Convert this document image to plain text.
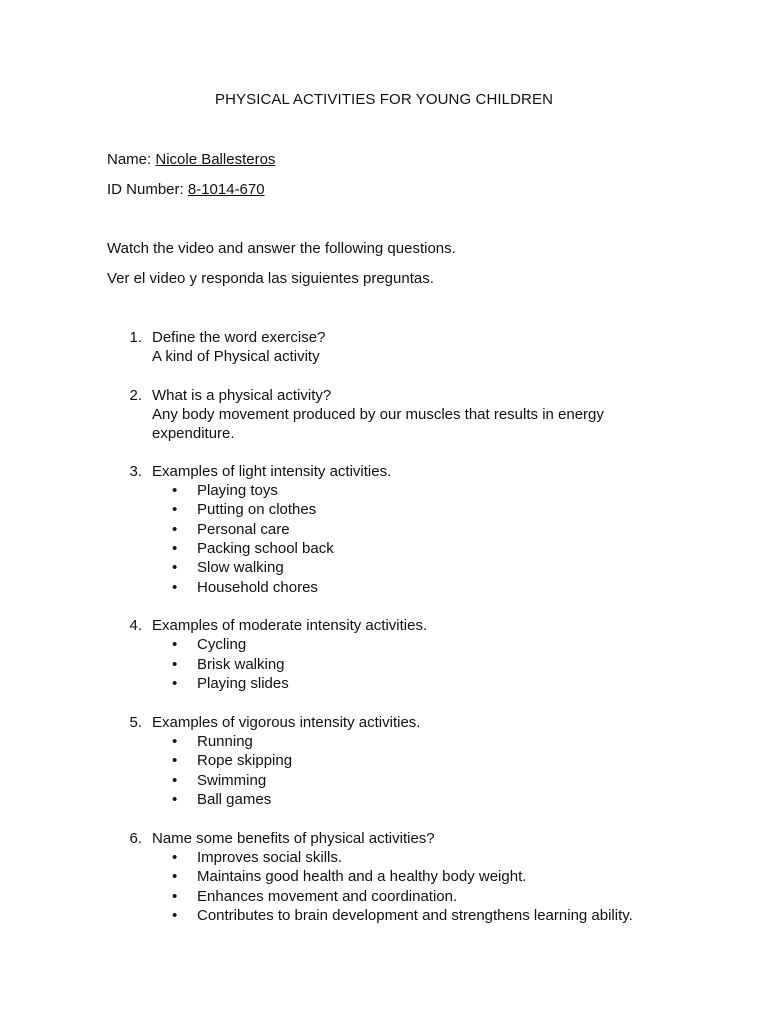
PHYSICAL ACTIVITIES FOR YOUNG CHILDREN
Name: Nicole Ballesteros
ID Number: 8-1014-670
Watch the video and answer the following questions.
Ver el video y responda las siguientes preguntas.
1. Define the word exercise?
A kind of Physical activity
2. What is a physical activity?
Any body movement produced by our muscles that results in energy expenditure.
3. Examples of light intensity activities.
• Playing toys
• Putting on clothes
• Personal care
• Packing school back
• Slow walking
• Household chores
4. Examples of moderate intensity activities.
• Cycling
• Brisk walking
• Playing slides
5. Examples of vigorous intensity activities.
• Running
• Rope skipping
• Swimming
• Ball games
6. Name some benefits of physical activities?
• Improves social skills.
• Maintains good health and a healthy body weight.
• Enhances movement and coordination.
• Contributes to brain development and strengthens learning ability.
